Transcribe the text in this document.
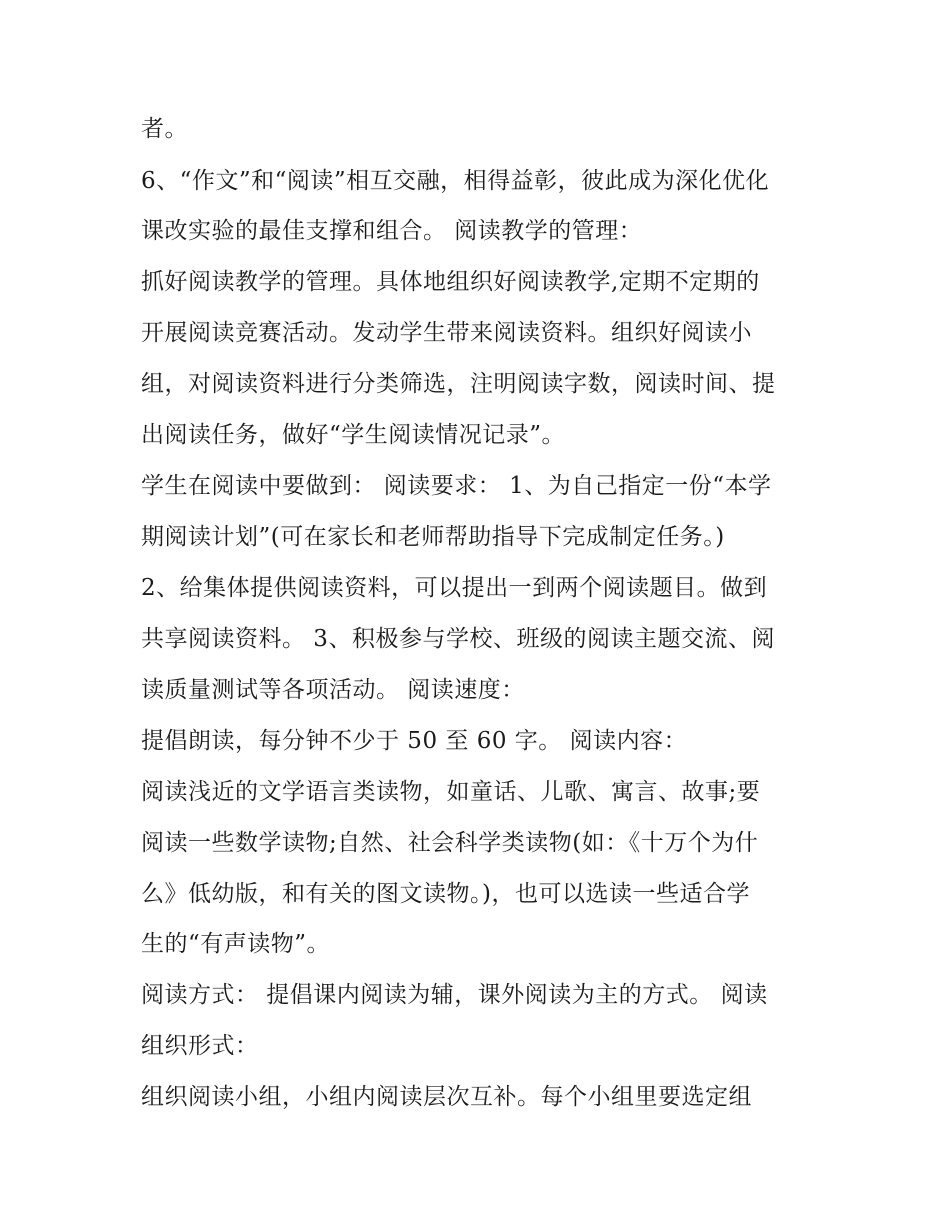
者。
6、“作文”和“阅读”相互交融，相得益彰，彼此成为深化优化
课改实验的最佳支撑和组合。 阅读教学的管理：
抓好阅读教学的管理。具体地组织好阅读教学,定期不定期的
开展阅读竞赛活动。发动学生带来阅读资料。组织好阅读小
组，对阅读资料进行分类筛选，注明阅读字数，阅读时间、提
出阅读任务，做好“学生阅读情况记录”。
学生在阅读中要做到： 阅读要求： 1、为自己指定一份“本学
期阅读计划”(可在家长和老师帮助指导下完成制定任务。)
2、给集体提供阅读资料，可以提出一到两个阅读题目。做到
共享阅读资料。 3、积极参与学校、班级的阅读主题交流、阅
读质量测试等各项活动。 阅读速度：
提倡朗读，每分钟不少于 50 至 60 字。 阅读内容：
阅读浅近的文学语言类读物，如童话、儿歌、寓言、故事;要
阅读一些数学读物;自然、社会科学类读物(如：《十万个为什
么》低幼版，和有关的图文读物。)，也可以选读一些适合学
生的“有声读物”。
阅读方式： 提倡课内阅读为辅，课外阅读为主的方式。 阅读
组织形式：
组织阅读小组，小组内阅读层次互补。每个小组里要选定组
